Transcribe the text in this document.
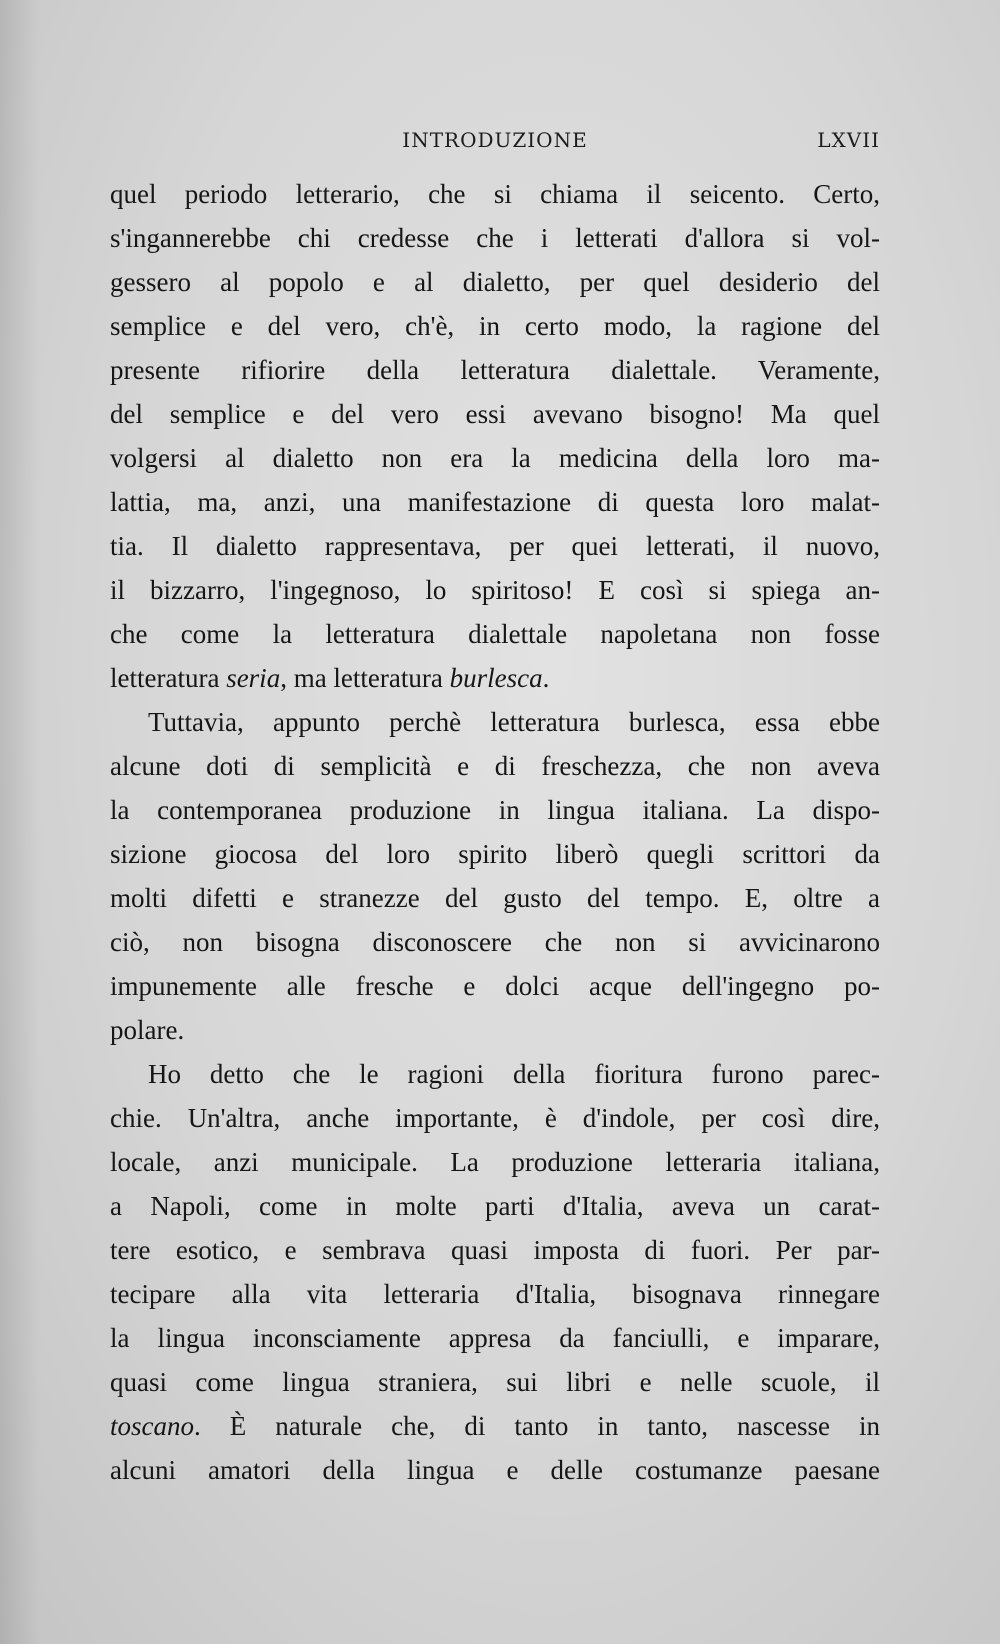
INTRODUZIONE	LXVII
quel periodo letterario, che si chiama il seicento. Certo,
s'ingannerebbe chi credesse che i letterati d'allora si vol-
gessero al popolo e al dialetto, per quel desiderio del
semplice e del vero, ch'è, in certo modo, la ragione del
presente rifiorire della letteratura dialettale. Veramente,
del semplice e del vero essi avevano bisogno! Ma quel
volgersi al dialetto non era la medicina della loro ma-
lattia, ma, anzi, una manifestazione di questa loro malat-
tia. Il dialetto rappresentava, per quei letterati, il nuovo,
il bizzarro, l'ingegnoso, lo spiritoso! E così si spiega an-
che come la letteratura dialettale napoletana non fosse
letteratura seria, ma letteratura burlesca.
Tuttavia, appunto perchè letteratura burlesca, essa ebbe
alcune doti di semplicità e di freschezza, che non aveva
la contemporanea produzione in lingua italiana. La dispo-
sizione giocosa del loro spirito liberò quegli scrittori da
molti difetti e stranezze del gusto del tempo. E, oltre a
ciò, non bisogna disconoscere che non si avvicinarono
impunemente alle fresche e dolci acque dell'ingegno po-
polare.
Ho detto che le ragioni della fioritura furono parec-
chie. Un'altra, anche importante, è d'indole, per così dire,
locale, anzi municipale. La produzione letteraria italiana,
a Napoli, come in molte parti d'Italia, aveva un carat-
tere esotico, e sembrava quasi imposta di fuori. Per par-
tecipare alla vita letteraria d'Italia, bisognava rinnegare
la lingua inconsciamente appresa da fanciulli, e imparare,
quasi come lingua straniera, sui libri e nelle scuole, il
toscano. È naturale che, di tanto in tanto, nascesse in
alcuni amatori della lingua e delle costumanze paesane
